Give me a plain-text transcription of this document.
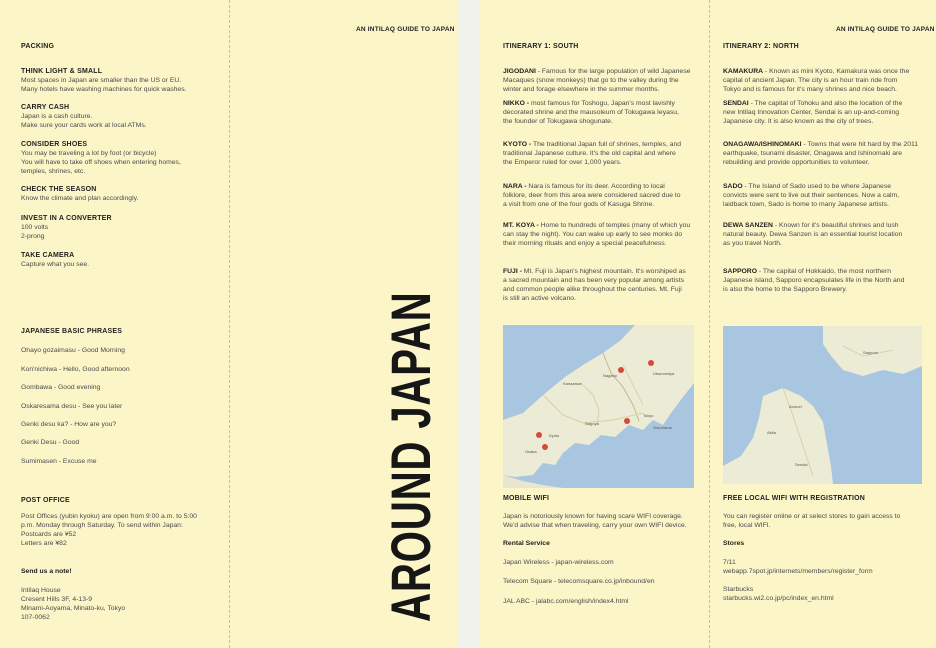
AN INTILAQ GUIDE TO JAPAN	AN INTILAQ GUIDE TO JAPAN
PACKING
THINK LIGHT & SMALL
Most spaces in Japan are smaller than the US or EU.
Many hotels have washing machines for quick washes.
CARRY CASH
Japan is a cash culture.
Make sure your cards work at local ATMs.
CONSIDER SHOES
You may be traveling a lot by foot (or bicycle)
You will have to take off shoes when entering homes,
temples, shrines, etc.
CHECK THE SEASON
Know the climate and plan accordingly.
INVEST IN A CONVERTER
100 volts
2-prong
TAKE CAMERA
Capture what you see.
JAPANESE BASIC PHRASES
Ohayo gozaimasu - Good Morning
Kon'nichiwa - Hello, Good afternoon
Gombawa - Good evening
Oskaresama desu - See you later
Genki desu ka? - How are you?
Genki Desu - Good
Sumimasen - Excuse me
POST OFFICE
Post Offices (yubin kyoku) are open from 9:00 a.m. to 5:00
p.m. Monday through Saturday. To send within Japan:
Postcards are ¥52
Letters are ¥82
Send us a note!
Intilaq House
Cresent Hills 3F, 4-13-9
Minami-Aoyama, Minato-ku, Tokyo
107-0062	AROUND JAPAN
ITINERARY 1: SOUTH
JIGODANI - Famous for the large population of wild Japanese
Macaques (snow monkeys) that go to the valley during the
winter and forage elsewhere in the summer months.
NIKKO - most famous for Toshogu, Japan's most lavishly
decorated shrine and the mausoleum of Tokugawa Ieyasu,
the founder of Tokugawa shogunate.
KYOTO - The traditional Japan full of shrines, temples, and
traditional Japanese culture. It's the old capital and where
the Emperor ruled for over 1,000 years.
NARA - Nara is famous for its deer. According to local
folklore, deer from this area were considered sacred due to
a visit from one of the four gods of Kasuga Shrine.
MT. KOYA - Home to hundreds of temples (many of which you
can stay the night). You can wake up early to see monks do
their morning rituals and enjoy a special peacefulness.
FUJI - Mt. Fuji is Japan's highest mountain. It's worshiped as
a sacred mountain and has been very popular among artists
and common people alike throughout the centuries. Mt. Fuji
is still an active volcano.
ITINERARY 2: NORTH
KAMAKURA - Known as mini Kyoto, Kamakura was once the
capital of ancient Japan. The city is an hour train ride from
Tokyo and is famous for it's many shrines and nice beach.
SENDAI - The capital of Tohoku and also the location of the
new Intilaq Innovation Center, Sendai is an up-and-coming
Japanese city. It is also known as the city of trees.
ONAGAWA/ISHINOMAKI - Towns that were hit hard by the 2011
earthquake, tsunami disaster, Onagawa and Ishinomaki are
rebuilding and provide opportunities to volunteer.
SADO - The Island of Sado used to be where Japanese
convicts were sent to live out their sentences. Now a calm,
laidback town, Sado is home to many Japanese artists.
DEWA SANZEN - Known for it's beautiful shrines and lush
natural beauty. Dewa Sanzen is an essential tourist location
as you travel North.
SAPPORO - The capital of Hokkaido, the most northern
Japanese island, Sapporo encapsulates life in the North and
is also the home to the Sapporo Brewery.
Kanazawa
Nagano	Utsunomiya
Tokyo
Nagoya
Kyoto
Osaka
Yokohama
Sapporo
Aomori
Akita
Sendai
MOBILE WIFI
Japan is notoriously known for having scare WIFI coverage.
We'd advise that when traveling, carry your own WIFI device.
Rental Service
Japan Wireless - japan-wireless.com
Telecom Square - telecomsquare.co.jp/inbound/en
JAL ABC - jalabc.com/english/index4.html
FREE LOCAL WIFI WITH REGISTRATION
You can register online or at select stores to gain access to
free, local WIFI.
Stores
7/11
webapp.7spot.jp/internets/members/register_form
Starbucks
starbucks.wi2.co.jp/pc/index_en.html
